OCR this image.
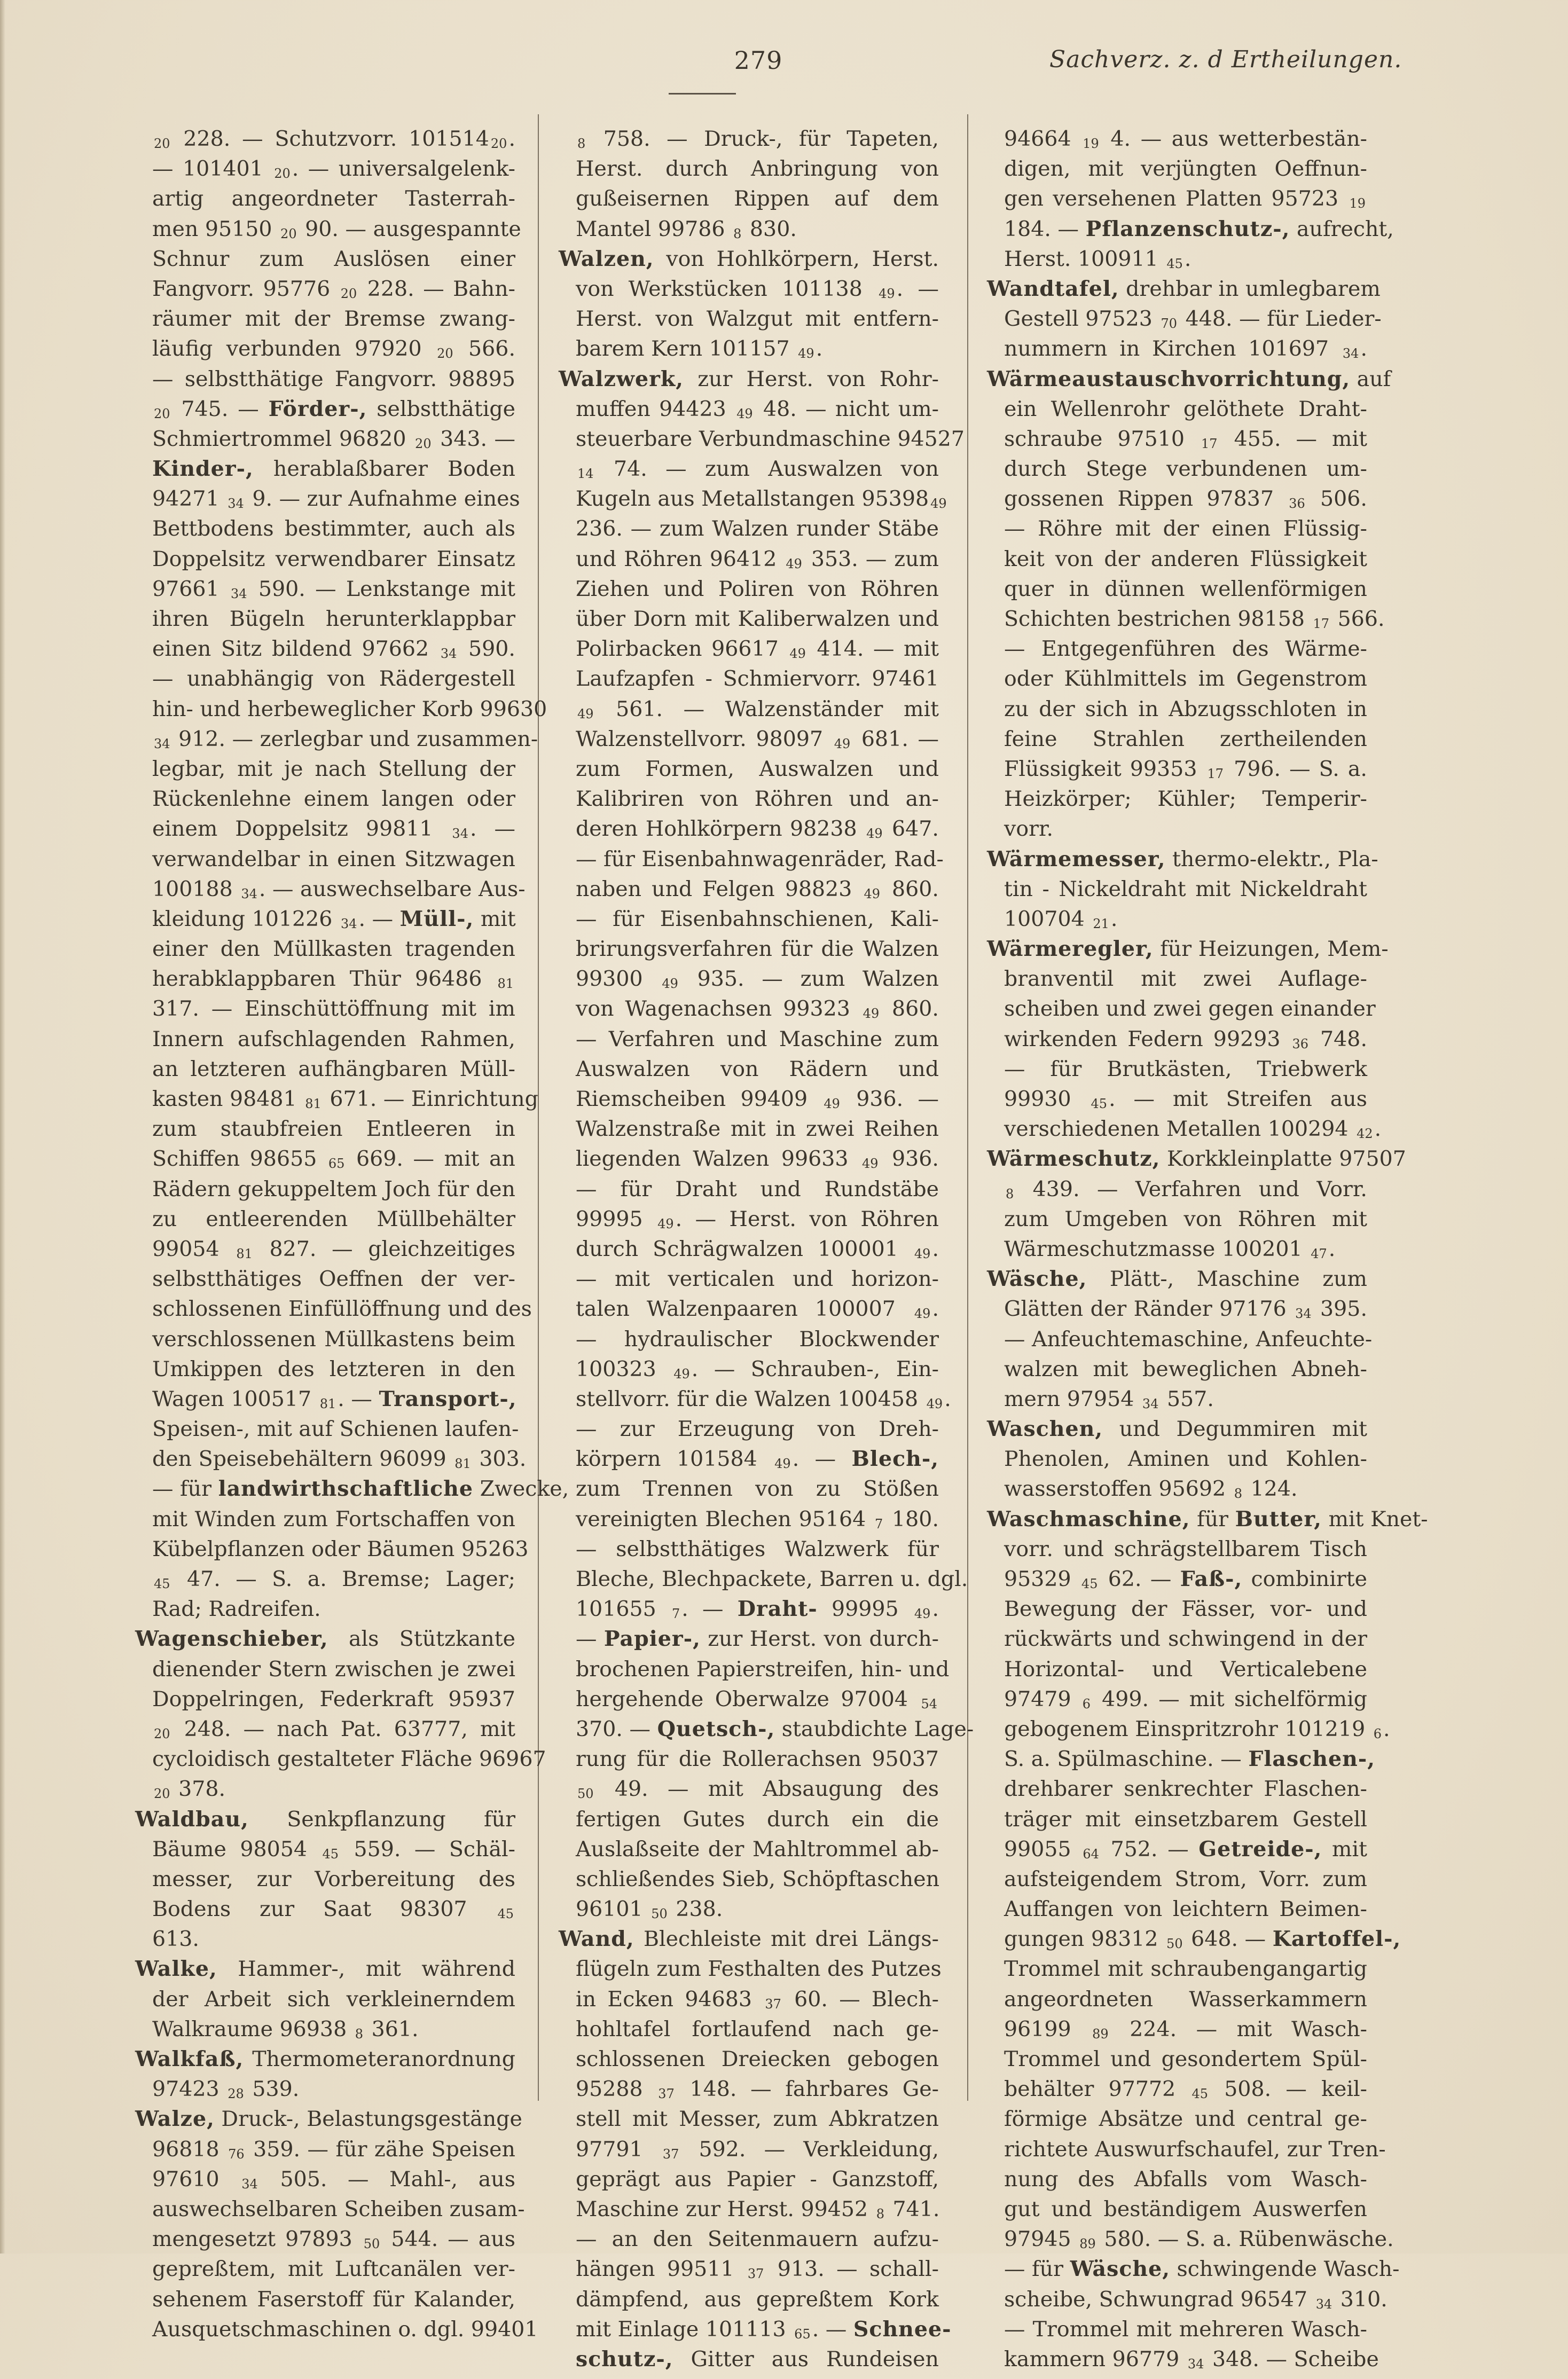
279	Sachverz. z. d Ertheilungen.
20 228. — Schutzvorr. 101514 20.
— 101401 20. — universalgelenk-
artig angeordneter Tasterrah-
men 95150 20 90. — ausgespannte
Schnur zum Auslösen einer
Fangvorr. 95776 20 228. — Bahn-
räumer mit der Bremse zwang-
läufig verbunden 97920 20 566.
— selbstthätige Fangvorr. 98895
20 745. — Förder-, selbstthätige
Schmiertrommel 96820 20 343. —
Kinder-, herablaßbarer Boden
94271 34 9. — zur Aufnahme eines
Bettbodens bestimmter, auch als
Doppelsitz verwendbarer Einsatz
97661 34 590. — Lenkstange mit
ihren Bügeln herunterklappbar
einen Sitz bildend 97662 34 590.
— unabhängig von Rädergestell
hin- und herbeweglicher Korb 99630
34 912. — zerlegbar und zusammen-
legbar, mit je nach Stellung der
Rückenlehne einem langen oder
einem Doppelsitz 99811 34. —
verwandelbar in einen Sitzwagen
100188 34. — auswechselbare Aus-
kleidung 101226 34. — Müll-, mit
einer den Müllkasten tragenden
herabklappbaren Thür 96486 81
317. — Einschüttöffnung mit im
Innern aufschlagenden Rahmen,
an letzteren aufhängbaren Müll-
kasten 98481 81 671. — Einrichtung
zum staubfreien Entleeren in
Schiffen 98655 65 669. — mit an
Rädern gekuppeltem Joch für den
zu entleerenden Müllbehälter
99054 81 827. — gleichzeitiges
selbstthätiges Oeffnen der ver-
schlossenen Einfüllöffnung und des
verschlossenen Müllkastens beim
Umkippen des letzteren in den
Wagen 100517 81. — Transport-,
Speisen-, mit auf Schienen laufen-
den Speisebehältern 96099 81 303.
— für landwirthschaftliche Zwecke,
mit Winden zum Fortschaffen von
Kübelpflanzen oder Bäumen 95263
45 47. — S. a. Bremse; Lager;
Rad; Radreifen.
Wagenschieber, als Stützkante
dienender Stern zwischen je zwei
Doppelringen, Federkraft 95937
20 248. — nach Pat. 63777, mit
cycloidisch gestalteter Fläche 96967
20 378.
Waldbau, Senkpflanzung für
Bäume 98054 45 559. — Schäl-
messer, zur Vorbereitung des
Bodens zur Saat 98307 45
613.
Walke, Hammer-, mit während
der Arbeit sich verkleinerndem
Walkraume 96938 8 361.
Walkfaß, Thermometeranordnung
97423 28 539.
Walze, Druck-, Belastungsgestänge
96818 76 359. — für zähe Speisen
97610 34 505. — Mahl-, aus
auswechselbaren Scheiben zusam-
mengesetzt 97893 50 544. — aus
gepreßtem, mit Luftcanälen ver-
sehenem Faserstoff für Kalander,
Ausquetschmaschinen o. dgl. 99401
8 758. — Druck-, für Tapeten,
Herst. durch Anbringung von
gußeisernen Rippen auf dem
Mantel 99786 8 830.
Walzen, von Hohlkörpern, Herst.
von Werkstücken 101138 49. —
Herst. von Walzgut mit entfern-
barem Kern 101157 49.
Walzwerk, zur Herst. von Rohr-
muffen 94423 49 48. — nicht um-
steuerbare Verbundmaschine 94527
14 74. — zum Auswalzen von
Kugeln aus Metallstangen 95398 49
236. — zum Walzen runder Stäbe
und Röhren 96412 49 353. — zum
Ziehen und Poliren von Röhren
über Dorn mit Kaliberwalzen und
Polirbacken 96617 49 414. — mit
Laufzapfen - Schmiervorr. 97461
49 561. — Walzenständer mit
Walzenstellvorr. 98097 49 681. —
zum Formen, Auswalzen und
Kalibriren von Röhren und an-
deren Hohlkörpern 98238 49 647.
— für Eisenbahnwagenräder, Rad-
naben und Felgen 98823 49 860.
— für Eisenbahnschienen, Kali-
brirungsverfahren für die Walzen
99300 49 935. — zum Walzen
von Wagenachsen 99323 49 860.
— Verfahren und Maschine zum
Auswalzen von Rädern und
Riemscheiben 99409 49 936. —
Walzenstraße mit in zwei Reihen
liegenden Walzen 99633 49 936.
— für Draht und Rundstäbe
99995 49. — Herst. von Röhren
durch Schrägwalzen 100001 49.
— mit verticalen und horizon-
talen Walzenpaaren 100007 49.
— hydraulischer Blockwender
100323 49. — Schrauben-, Ein-
stellvorr. für die Walzen 100458 49.
— zur Erzeugung von Dreh-
körpern 101584 49. — Blech-,
zum Trennen von zu Stößen
vereinigten Blechen 95164 7 180.
— selbstthätiges Walzwerk für
Bleche, Blechpackete, Barren u. dgl.
101655 7. — Draht- 99995 49.
— Papier-, zur Herst. von durch-
brochenen Papierstreifen, hin- und
hergehende Oberwalze 97004 54
370. — Quetsch-, staubdichte Lage-
rung für die Rollerachsen 95037
50 49. — mit Absaugung des
fertigen Gutes durch ein die
Auslaßseite der Mahltrommel ab-
schließendes Sieb, Schöpftaschen
96101 50 238.
Wand, Blechleiste mit drei Längs-
flügeln zum Festhalten des Putzes
in Ecken 94683 37 60. — Blech-
hohltafel fortlaufend nach ge-
schlossenen Dreiecken gebogen
95288 37 148. — fahrbares Ge-
stell mit Messer, zum Abkratzen
97791 37 592. — Verkleidung,
geprägt aus Papier - Ganzstoff,
Maschine zur Herst. 99452 8 741.
— an den Seitenmauern aufzu-
hängen 99511 37 913. — schall-
dämpfend, aus gepreßtem Kork
mit Einlage 101113 65. — Schnee-
schutz-, Gitter aus Rundeisen
94664 19 4. — aus wetterbestän-
digen, mit verjüngten Oeffnun-
gen versehenen Platten 95723 19
184. — Pflanzenschutz-, aufrecht,
Herst. 100911 45.
Wandtafel, drehbar in umlegbarem
Gestell 97523 70 448. — für Lieder-
nummern in Kirchen 101697 34.
Wärmeaustauschvorrichtung, auf
ein Wellenrohr gelöthete Draht-
schraube 97510 17 455. — mit
durch Stege verbundenen um-
gossenen Rippen 97837 36 506.
— Röhre mit der einen Flüssig-
keit von der anderen Flüssigkeit
quer in dünnen wellenförmigen
Schichten bestrichen 98158 17 566.
— Entgegenführen des Wärme-
oder Kühlmittels im Gegenstrom
zu der sich in Abzugsschloten in
feine Strahlen zertheilenden
Flüssigkeit 99353 17 796. — S. a.
Heizkörper; Kühler; Temperir-
vorr.
Wärmemesser, thermo-elektr., Pla-
tin - Nickeldraht mit Nickeldraht
100704 21.
Wärmeregler, für Heizungen, Mem-
branventil mit zwei Auflage-
scheiben und zwei gegen einander
wirkenden Federn 99293 36 748.
— für Brutkästen, Triebwerk
99930 45. — mit Streifen aus
verschiedenen Metallen 100294 42.
Wärmeschutz, Korkkleinplatte 97507
8 439. — Verfahren und Vorr.
zum Umgeben von Röhren mit
Wärmeschutzmasse 100201 47.
Wäsche, Plätt-, Maschine zum
Glätten der Ränder 97176 34 395.
— Anfeuchtemaschine, Anfeuchte-
walzen mit beweglichen Abneh-
mern 97954 34 557.
Waschen, und Degummiren mit
Phenolen, Aminen und Kohlen-
wasserstoffen 95692 8 124.
Waschmaschine, für Butter, mit Knet-
vorr. und schrägstellbarem Tisch
95329 45 62. — Faß-, combinirte
Bewegung der Fässer, vor- und
rückwärts und schwingend in der
Horizontal- und Verticalebene
97479 6 499. — mit sichelförmig
gebogenem Einspritzrohr 101219 6.
S. a. Spülmaschine. — Flaschen-,
drehbarer senkrechter Flaschen-
träger mit einsetzbarem Gestell
99055 64 752. — Getreide-, mit
aufsteigendem Strom, Vorr. zum
Auffangen von leichtern Beimen-
gungen 98312 50 648. — Kartoffel-,
Trommel mit schraubengangartig
angeordneten Wasserkammern
96199 89 224. — mit Wasch-
Trommel und gesondertem Spül-
behälter 97772 45 508. — keil-
förmige Absätze und central ge-
richtete Auswurfschaufel, zur Tren-
nung des Abfalls vom Wasch-
gut und beständigem Auswerfen
97945 89 580. — S. a. Rübenwäsche.
— für Wäsche, schwingende Wasch-
scheibe, Schwungrad 96547 34 310.
— Trommel mit mehreren Wasch-
kammern 96779 34 348. — Scheibe
